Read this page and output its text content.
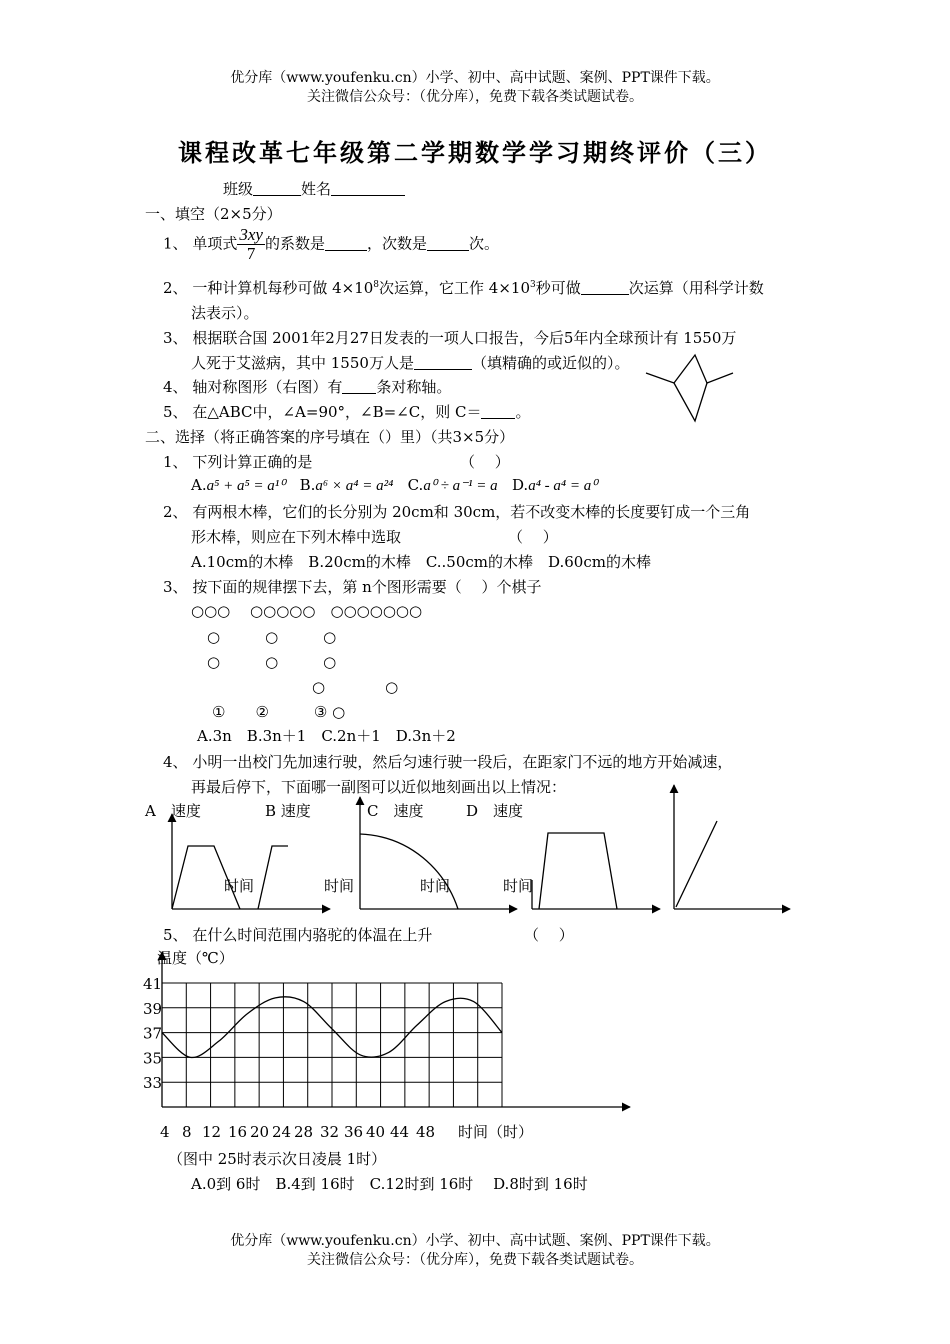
优分库（www.youfenku.cn）小学、初中、高中试题、案例、PPT课件下载。
关注微信公众号：（优分库），免费下载各类试题试卷。
课程改革七年级第二学期数学学习期终评价（三）
班级	姓名
一、填空（2×5分）
1、 单项式 $\frac{3xy}{7}$ 的系数是	，次数是	次。
2、 一种计算机每秒可做 $4\times 10^8$次运算，它工作 $4\times 10^3$秒可做	次运算（用科学计数
法表示）。
3、 根据联合国 2001年2月27日发表的一项人口报告，今后5年内全球预计有 1550万
人死于艾滋病，其中 1550万人是	（填精确的或近似的）。
4、 轴对称图形（右图）有 条对称轴。
5、 在△ABC中，∠A=90°，∠B=∠C，则 C＝ 。
二、选择（将正确答案的序号填在（）里）（共3×5分）
1、 下列计算正确的是	（　 ）
A.a⁵ + a⁵ = a¹⁰ B.a⁶ × a⁴ = a²⁴ C.a⁰ ÷ a⁻¹ = a D.a⁴ - a⁴ = a⁰
2、 有两根木棒，它们的长分别为 20cm和 30cm，若不改变木棒的长度要钉成一个三角
形木棒，则应在下列木棒中选取	（　 ）
A.10cm的木棒　B.20cm的木棒　C..50cm的木棒　D.60cm的木棒
3、 按下面的规律摆下去，第 n个图形需要（　 ）个棋子
○○○　 ○○○○○　○○○○○○○
○　　　○　　　○
○　　　○　　　○
○　　　　○
①　　②　　　③ ○
A.3n　B.3n＋1　C.2n＋1　D.3n＋2
4、 小明一出校门先加速行驶，然后匀速行驶一段后，在距家门不远的地方开始减速，
再最后停下，下面哪一副图可以近似地刻画出以上情况：
A　速度	B 速度	C　速度	D　速度
时间	时间	时间	时间
5、 在什么时间范围内骆驼的体温在上升	（　 ）
温度（℃）
41
39
37
35
33
4 8 12 16 20 24 28 32 36 40 44 48 时间（时）
（图中 25时表示次日凌晨 1时）
A.0到 6时　B.4到 16时　C.12时到 16时　 D.8时到 16时
优分库（www.youfenku.cn）小学、初中、高中试题、案例、PPT课件下载。
关注微信公众号：（优分库），免费下载各类试题试卷。
